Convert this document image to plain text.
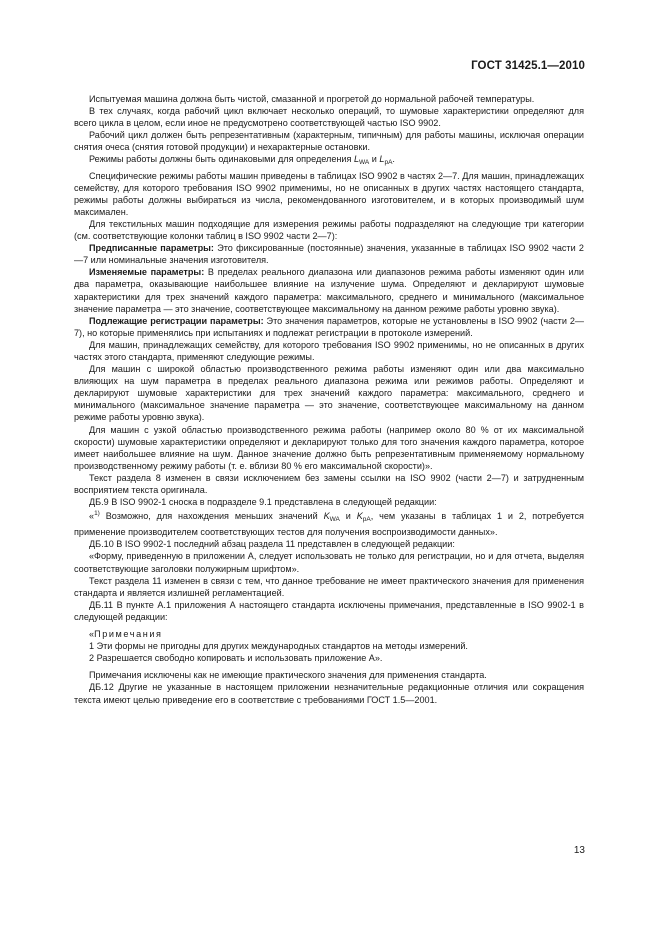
ГОСТ 31425.1—2010

Испытуемая машина должна быть чистой, смазанной и прогретой до нормальной рабочей температуры.

В тех случаях, когда рабочий цикл включает несколько операций, то шумовые характеристики определяют для всего цикла в целом, если иное не предусмотрено соответствующей частью ISO 9902.

Рабочий цикл должен быть репрезентативным (характерным, типичным) для работы машины, исключая операции снятия очеса (снятия готовой продукции) и нехарактерные остановки.

Режимы работы должны быть одинаковыми для определения $L_{WA}$ и $L_{pA}$.

Специфические режимы работы машин приведены в таблицах ISO 9902 в частях 2—7. Для машин, принадлежащих семейству, для которого требования ISO 9902 применимы, но не описанных в других частях настоящего стандарта, режимы работы должны выбираться из числа, рекомендованного изготовителем, и в которых производимый шум максимален.

Для текстильных машин подходящие для измерения режимы работы подразделяют на следующие три категории (см. соответствующие колонки таблиц в ISO 9902 части 2—7):

Предписанные параметры: Это фиксированные (постоянные) значения, указанные в таблицах ISO 9902 части 2—7 или номинальные значения изготовителя.

Изменяемые параметры: В пределах реального диапазона или диапазонов режима работы изменяют один или два параметра, оказывающие наибольшее влияние на излучение шума. Определяют и декларируют шумовые характеристики для трех значений каждого параметра: максимального, среднего и минимального (максимальное значение параметра — это значение, соответствующее максимальному на данном режиме работы уровню звука).

Подлежащие регистрации параметры: Это значения параметров, которые не установлены в ISO 9902 (части 2—7), но которые применялись при испытаниях и подлежат регистрации в протоколе измерений.

Для машин, принадлежащих семейству, для которого требования ISO 9902 применимы, но не описанных в других частях этого стандарта, применяют следующие режимы.

Для машин с широкой областью производственного режима работы изменяют один или два максимально влияющих на шум параметра в пределах реального диапазона режима или режимов работы. Определяют и декларируют шумовые характеристики для трех значений каждого параметра: максимального, среднего и минимального (максимальное значение параметра — это значение, соответствующее максимальному на данном режиме работы уровню звука).

Для машин с узкой областью производственного режима работы (например около 80 % от их максимальной скорости) шумовые характеристики определяют и декларируют только для того значения каждого параметра, которое имеет наибольшее влияние на шум. Данное значение должно быть репрезентативным применяемому нормальному производственному режиму работы (т. е. вблизи 80 % его максимальной скорости)».

Текст раздела 8 изменен в связи исключением без замены ссылки на ISO 9902 (части 2—7) и затрудненным восприятием текста оригинала.

ДБ.9 В ISO 9902-1 сноска в подразделе 9.1 представлена в следующей редакции:

«$^{1)}$ Возможно, для нахождения меньших значений $K_{WA}$ и $K_{pA}$, чем указаны в таблицах 1 и 2, потребуется применение производителем соответствующих тестов для получения воспроизводимости данных».

ДБ.10 В ISO 9902-1 последний абзац раздела 11 представлен в следующей редакции:

«Форму, приведенную в приложении А, следует использовать не только для регистрации, но и для отчета, выделяя соответствующие заголовки полужирным шрифтом».

Текст раздела 11 изменен в связи с тем, что данное требование не имеет практического значения для применения стандарта и является излишней регламентацией.

ДБ.11 В пункте А.1 приложения А настоящего стандарта исключены примечания, представленные в ISO 9902-1 в следующей редакции:

«Примечания

1 Эти формы не пригодны для других международных стандартов на методы измерений.

2 Разрешается свободно копировать и использовать приложение А».

Примечания исключены как не имеющие практического значения для применения стандарта.

ДБ.12 Другие не указанные в настоящем приложении незначительные редакционные отличия или сокращения текста имеют целью приведение его в соответствие с требованиями ГОСТ 1.5—2001.

13
